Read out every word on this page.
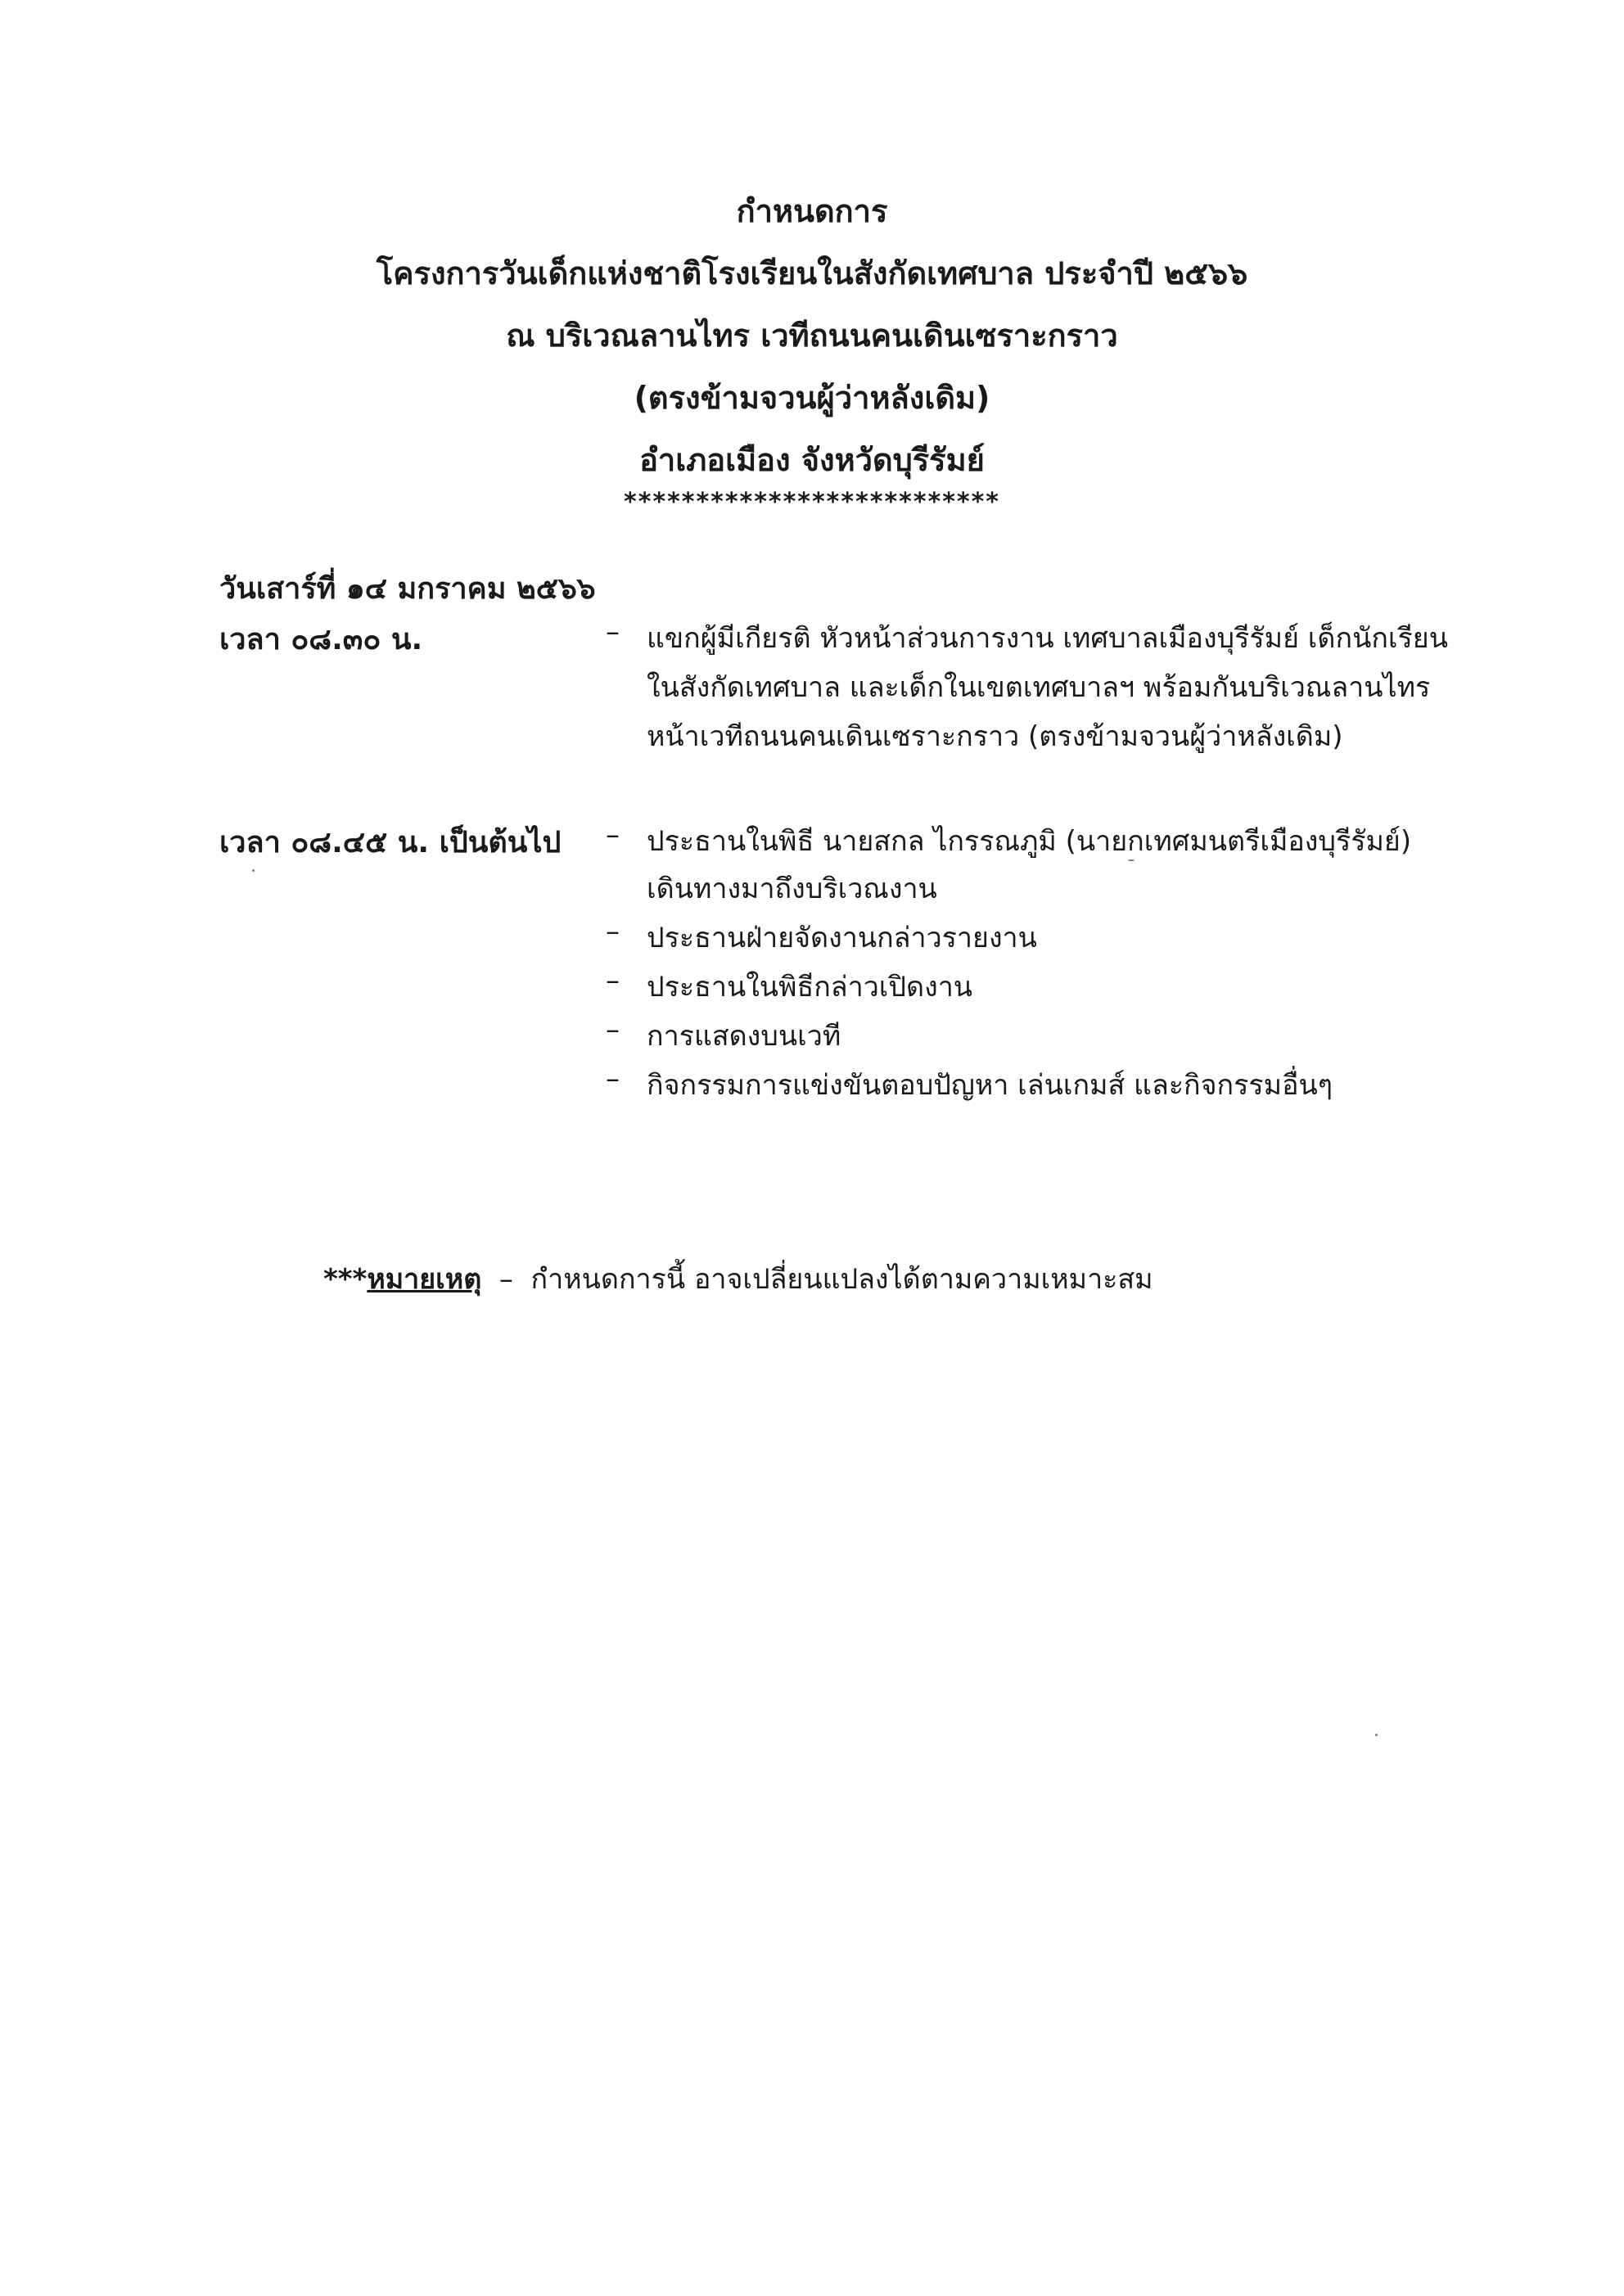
กำหนดการ
โครงการวันเด็กแห่งชาติโรงเรียนในสังกัดเทศบาล ประจำปี ๒๕๖๖
ณ บริเวณลานไทร เวทีถนนคนเดินเซราะกราว
(ตรงข้ามจวนผู้ว่าหลังเดิม)
อำเภอเมือง จังหวัดบุรีรัมย์
**************************
วันเสาร์ที่ ๑๔ มกราคม ๒๕๖๖
เวลา ๐๘.๓๐ น.	– แขกผู้มีเกียรติ หัวหน้าส่วนการงาน เทศบาลเมืองบุรีรัมย์ เด็กนักเรียน
ในสังกัดเทศบาล และเด็กในเขตเทศบาลฯ พร้อมกันบริเวณลานไทร
หน้าเวทีถนนคนเดินเซราะกราว (ตรงข้ามจวนผู้ว่าหลังเดิม)
เวลา ๐๘.๔๕ น. เป็นต้นไป – ประธานในพิธี นายสกล ไกรรณภูมิ (นายกเทศมนตรีเมืองบุรีรัมย์)
เดินทางมาถึงบริเวณงาน
– ประธานฝ่ายจัดงานกล่าวรายงาน
– ประธานในพิธีกล่าวเปิดงาน
– การแสดงบนเวที
– กิจกรรมการแข่งขันตอบปัญหา เล่นเกมส์ และกิจกรรมอื่นๆ
***หมายเหตุ – กำหนดการนี้ อาจเปลี่ยนแปลงได้ตามความเหมาะสม
